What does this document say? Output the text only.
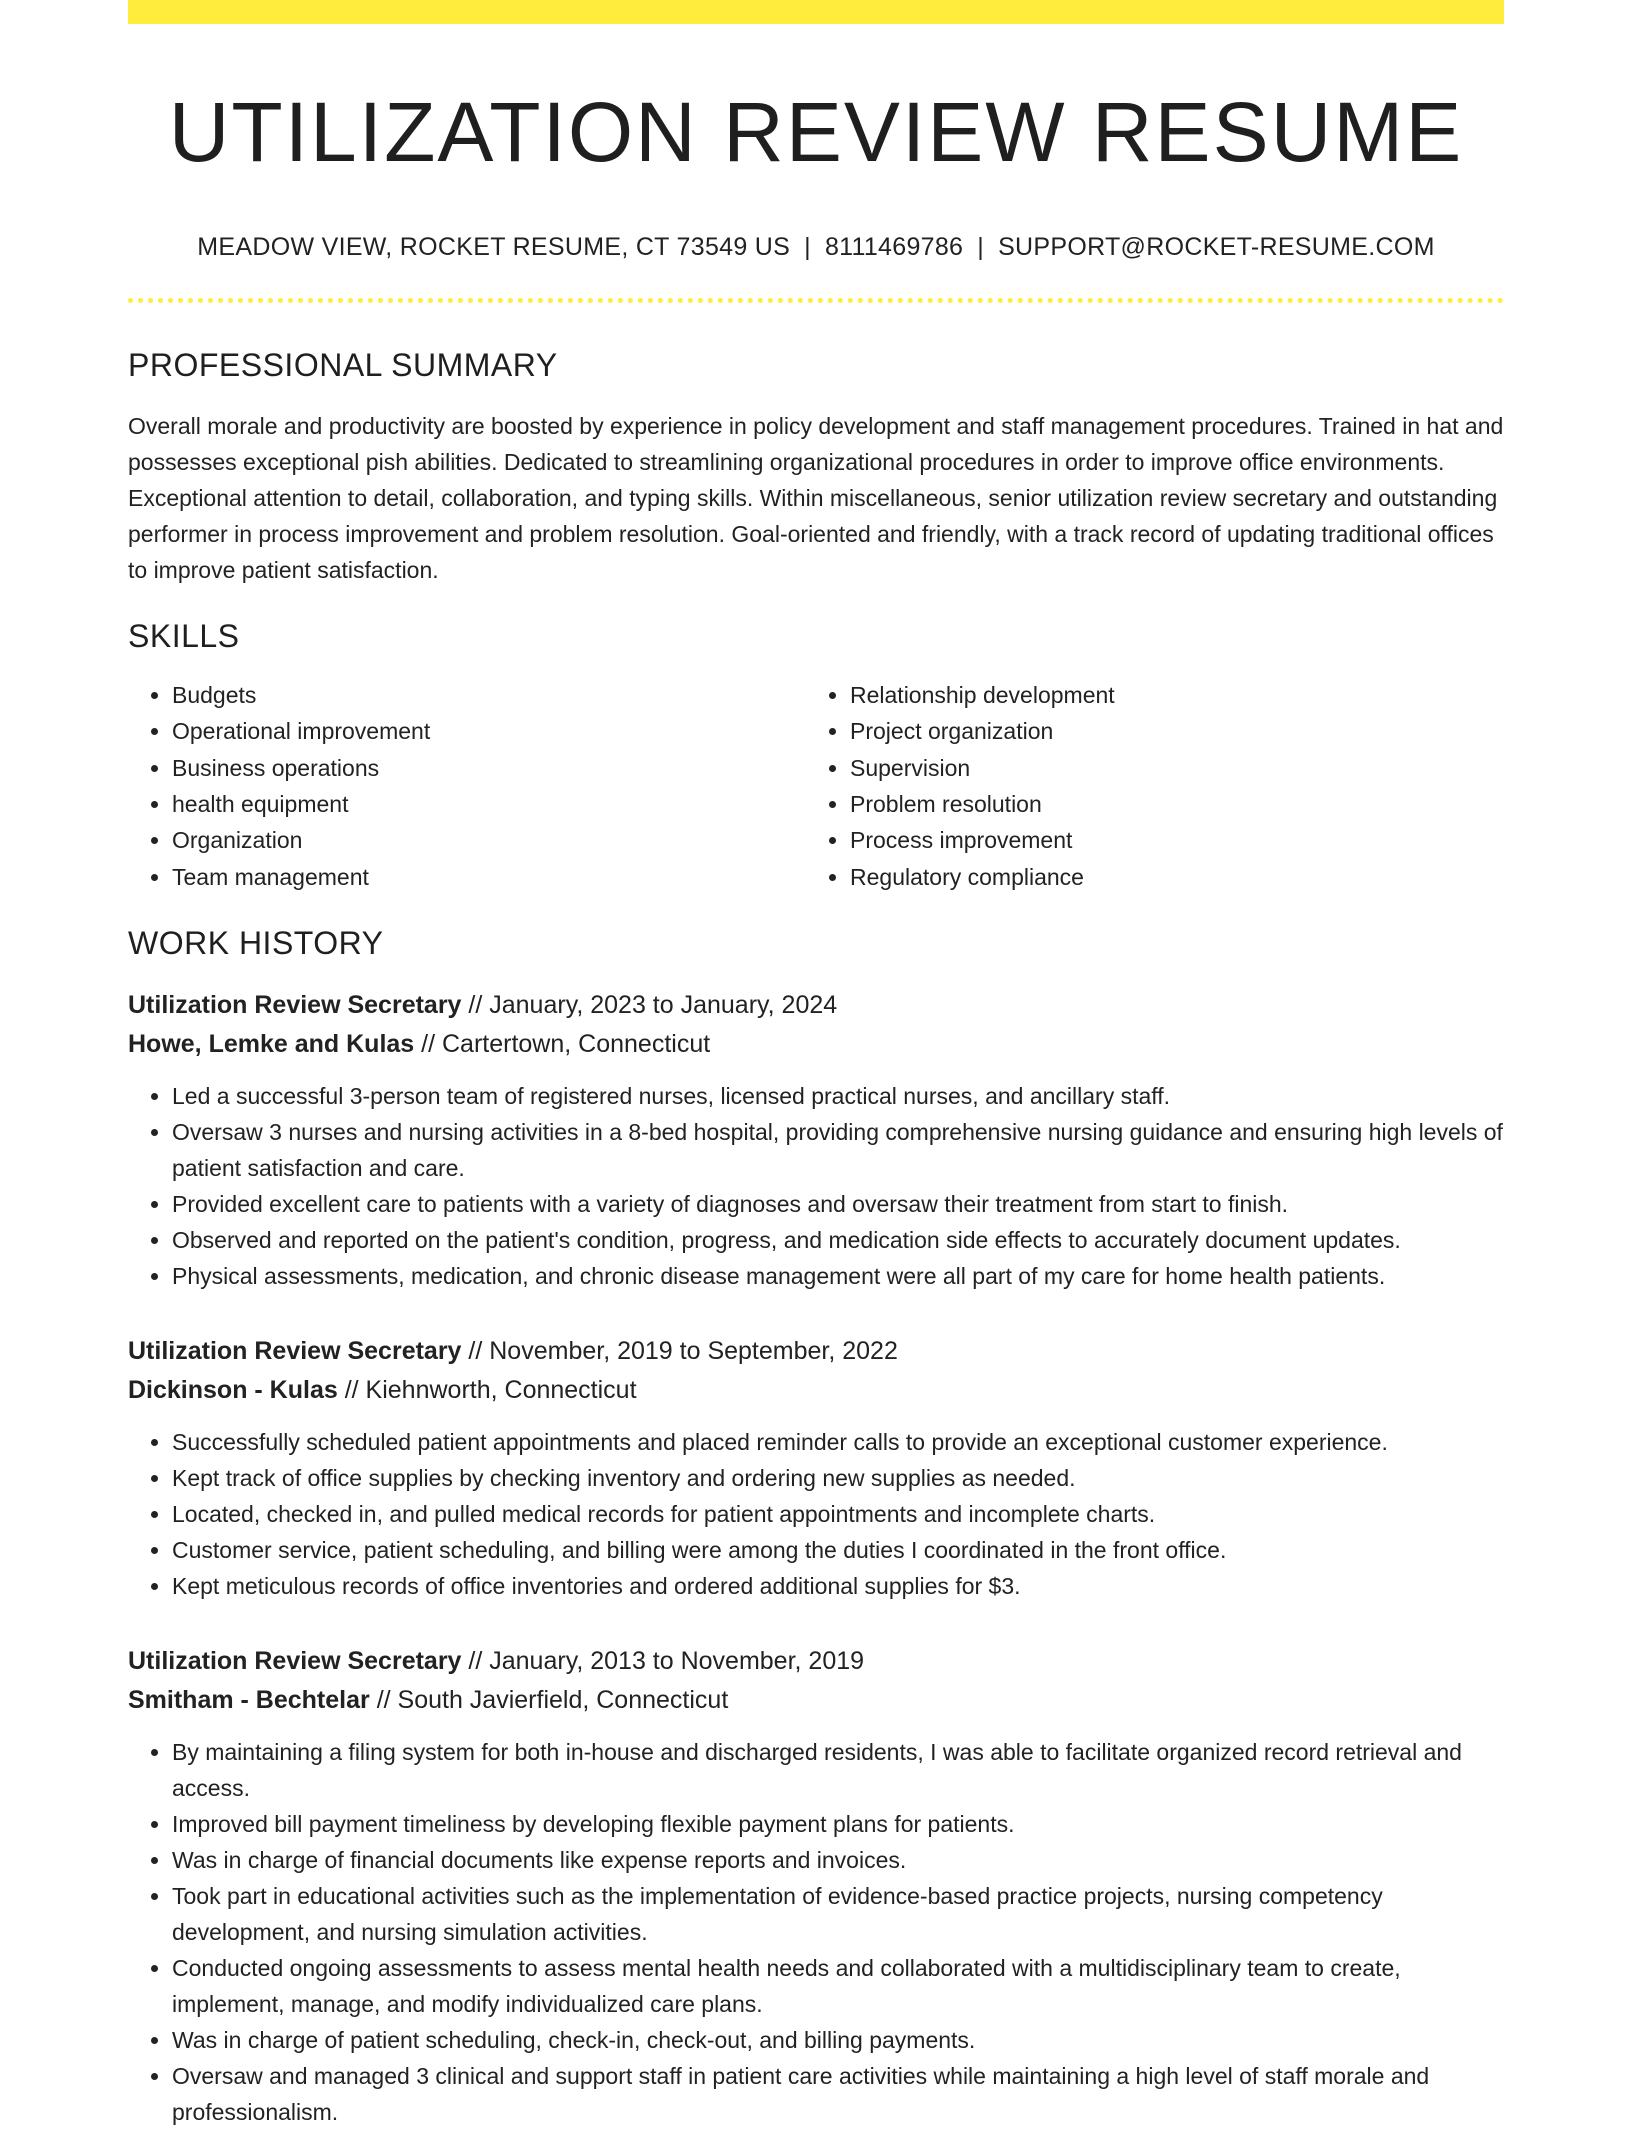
UTILIZATION REVIEW RESUME
MEADOW VIEW, ROCKET RESUME, CT 73549 US | 8111469786 | SUPPORT@ROCKET-RESUME.COM
PROFESSIONAL SUMMARY

Overall morale and productivity are boosted by experience in policy development and staff management procedures. Trained in hat and possesses exceptional pish abilities. Dedicated to streamlining organizational procedures in order to improve office environments. Exceptional attention to detail, collaboration, and typing skills. Within miscellaneous, senior utilization review secretary and outstanding performer in process improvement and problem resolution. Goal-oriented and friendly, with a track record of updating traditional offices to improve patient satisfaction.

SKILLS
• Budgets
• Operational improvement
• Business operations
• health equipment
• Organization
• Team management
• Relationship development
• Project organization
• Supervision
• Problem resolution
• Process improvement
• Regulatory compliance
WORK HISTORY
Utilization Review Secretary // January, 2023 to January, 2024
Howe, Lemke and Kulas // Cartertown, Connecticut
• Led a successful 3-person team of registered nurses, licensed practical nurses, and ancillary staff.
• Oversaw 3 nurses and nursing activities in a 8-bed hospital, providing comprehensive nursing guidance and ensuring high levels of patient satisfaction and care.
• Provided excellent care to patients with a variety of diagnoses and oversaw their treatment from start to finish.
• Observed and reported on the patient's condition, progress, and medication side effects to accurately document updates.
• Physical assessments, medication, and chronic disease management were all part of my care for home health patients.
Utilization Review Secretary // November, 2019 to September, 2022
Dickinson - Kulas // Kiehnworth, Connecticut
• Successfully scheduled patient appointments and placed reminder calls to provide an exceptional customer experience.
• Kept track of office supplies by checking inventory and ordering new supplies as needed.
• Located, checked in, and pulled medical records for patient appointments and incomplete charts.
• Customer service, patient scheduling, and billing were among the duties I coordinated in the front office.
• Kept meticulous records of office inventories and ordered additional supplies for $3.
Utilization Review Secretary // January, 2013 to November, 2019
Smitham - Bechtelar // South Javierfield, Connecticut
• By maintaining a filing system for both in-house and discharged residents, I was able to facilitate organized record retrieval and access.
• Improved bill payment timeliness by developing flexible payment plans for patients.
• Was in charge of financial documents like expense reports and invoices.
• Took part in educational activities such as the implementation of evidence-based practice projects, nursing competency development, and nursing simulation activities.
• Conducted ongoing assessments to assess mental health needs and collaborated with a multidisciplinary team to create, implement, manage, and modify individualized care plans.
• Was in charge of patient scheduling, check-in, check-out, and billing payments.
• Oversaw and managed 3 clinical and support staff in patient care activities while maintaining a high level of staff morale and professionalism.
